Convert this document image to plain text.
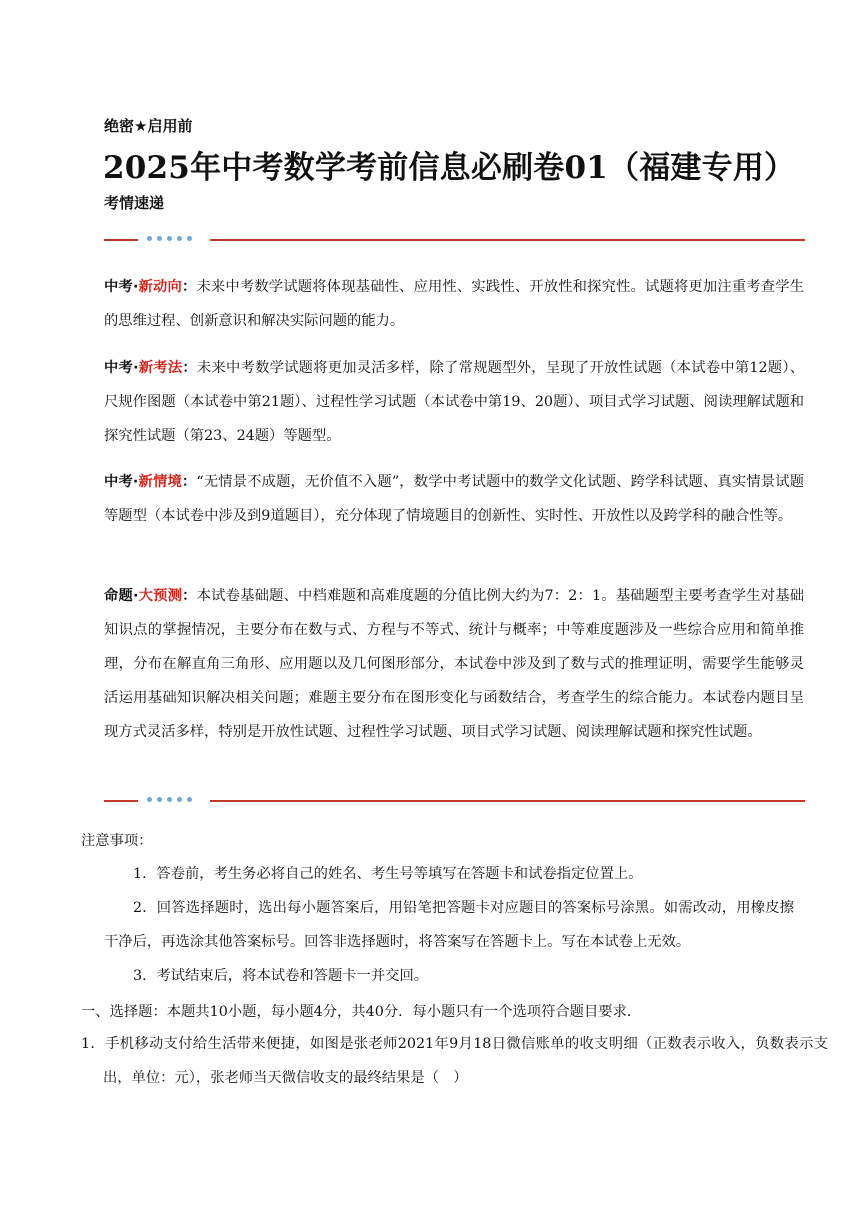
绝密★启用前
2025年中考数学考前信息必刷卷01（福建专用）
考情速递
中考·新动向：未来中考数学试题将体现基础性、应用性、实践性、开放性和探究性。试题将更加注重考查学生的思维过程、创新意识和解决实际问题的能力。
中考·新考法：未来中考数学试题将更加灵活多样，除了常规题型外，呈现了开放性试题（本试卷中第12题）、尺规作图题（本试卷中第21题）、过程性学习试题（本试卷中第19、20题）、项目式学习试题、阅读理解试题和探究性试题（第23、24题）等题型。
中考·新情境：“无情景不成题，无价值不入题”，数学中考试题中的数学文化试题、跨学科试题、真实情景试题等题型（本试卷中涉及到9道题目），充分体现了情境题目的创新性、实时性、开放性以及跨学科的融合性等。
命题·大预测：本试卷基础题、中档难题和高难度题的分值比例大约为7：2：1。基础题型主要考查学生对基础知识点的掌握情况，主要分布在数与式、方程与不等式、统计与概率；中等难度题涉及一些综合应用和简单推理，分布在解直角三角形、应用题以及几何图形部分，本试卷中涉及到了数与式的推理证明，需要学生能够灵活运用基础知识解决相关问题；难题主要分布在图形变化与函数结合，考查学生的综合能力。本试卷内题目呈现方式灵活多样，特别是开放性试题、过程性学习试题、项目式学习试题、阅读理解试题和探究性试题。
注意事项：
1．答卷前，考生务必将自己的姓名、考生号等填写在答题卡和试卷指定位置上。
2．回答选择题时，选出每小题答案后，用铅笔把答题卡对应题目的答案标号涂黑。如需改动，用橡皮擦干净后，再选涂其他答案标号。回答非选择题时，将答案写在答题卡上。写在本试卷上无效。
3．考试结束后，将本试卷和答题卡一并交回。
一、选择题：本题共10小题，每小题4分，共40分．每小题只有一个选项符合题目要求．
1．手机移动支付给生活带来便捷，如图是张老师2021年9月18日微信账单的收支明细（正数表示收入，负数表示支出，单位：元），张老师当天微信收支的最终结果是（　）
